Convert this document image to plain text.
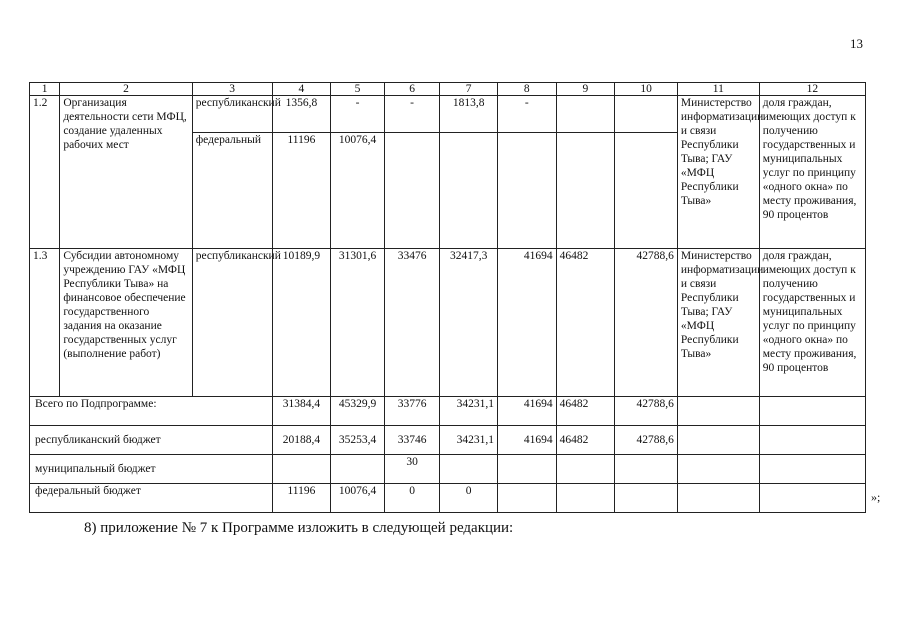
13
1	2	3	4	5	6	7	8	9	10	11	12
1.2	Организация деятельности сети МФЦ, создание удаленных рабочих мест	республиканский	1356,8	-	-	1813,8	-			Министерство информатизации и связи Республики Тыва; ГАУ «МФЦ Республики Тыва»	доля граждан, имеющих доступ к получению государственных и муниципальных услуг по принципу «одного окна» по месту проживания, 90 процентов
		федеральный	11196	10076,4							
1.3	Субсидии автономному учреждению ГАУ «МФЦ Республики Тыва» на финансовое обеспечение государственного задания на оказание государственных услуг (выполнение работ)	республиканский	10189,9	31301,6	33476	32417,3	41694	46482	42788,6	Министерство информатизации и связи Республики Тыва; ГАУ «МФЦ Республики Тыва»	доля граждан, имеющих доступ к получению государственных и муниципальных услуг по принципу «одного окна» по месту проживания, 90 процентов
Всего по Подпрограмме:			31384,4	45329,9	33776	34231,1	41694	46482	42788,6		
республиканский бюджет			20188,4	35253,4	33746	34231,1	41694	46482	42788,6		
муниципальный бюджет					30						
федеральный бюджет			11196	10076,4	0	0						»;
8) приложение № 7 к Программе изложить в следующей редакции:
